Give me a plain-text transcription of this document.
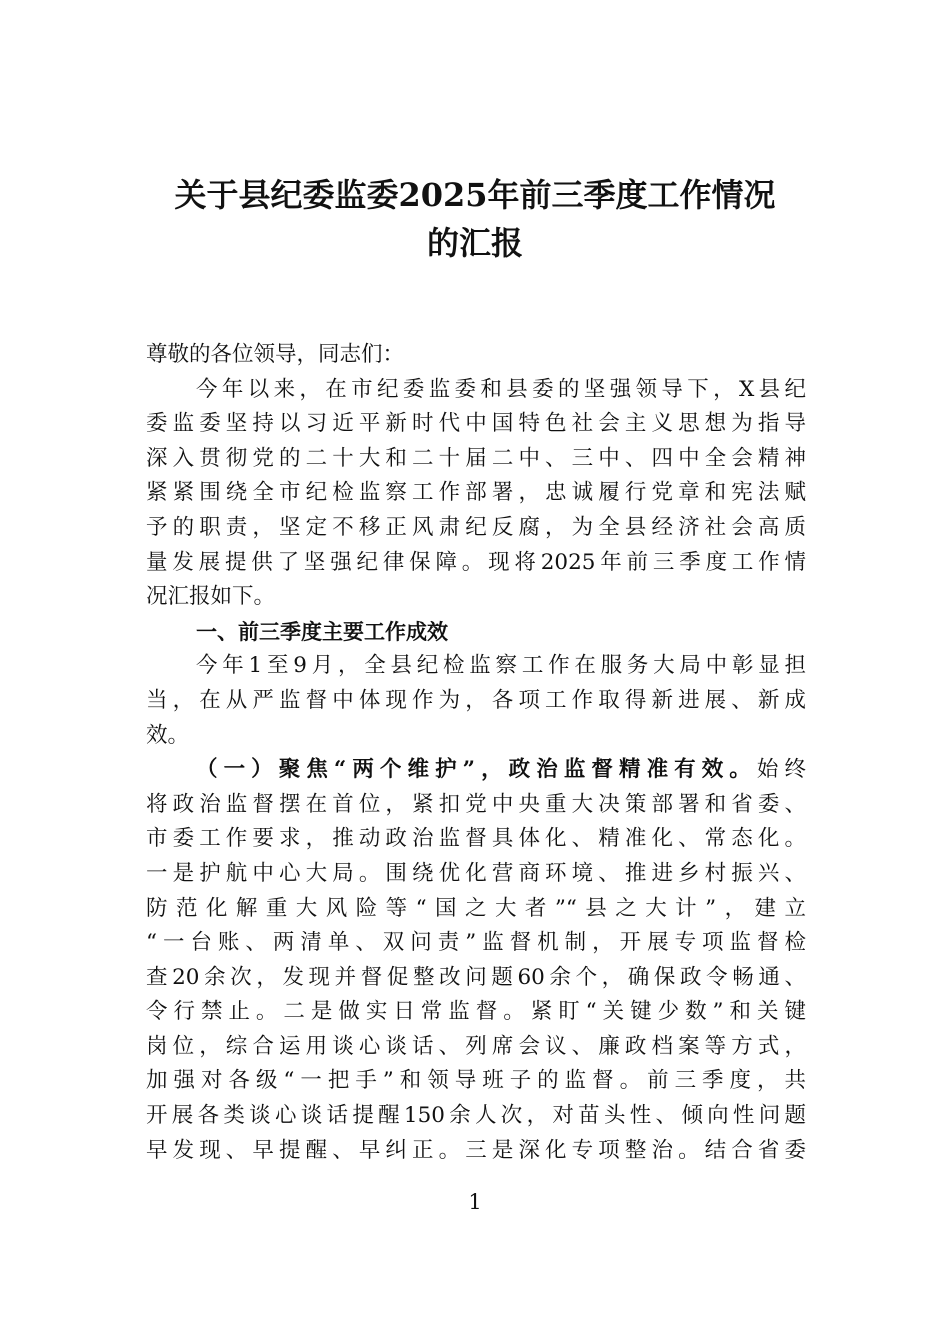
关于县纪委监委2025年前三季度工作情况
的汇报
尊敬的各位领导，同志们：
今年以来，在市纪委监委和县委的坚强领导下，X县纪
委监委坚持以习近平新时代中国特色社会主义思想为指导
深入贯彻党的二十大和二十届二中、三中、四中全会精神
紧紧围绕全市纪检监察工作部署，忠诚履行党章和宪法赋
予的职责，坚定不移正风肃纪反腐，为全县经济社会高质
量发展提供了坚强纪律保障。现将2025年前三季度工作情
况汇报如下。
一、前三季度主要工作成效
今年1至9月，全县纪检监察工作在服务大局中彰显担
当，在从严监督中体现作为，各项工作取得新进展、新成
效。
（一）聚焦“两个维护”，政治监督精准有效。始终
将政治监督摆在首位，紧扣党中央重大决策部署和省委、
市委工作要求，推动政治监督具体化、精准化、常态化。
一是护航中心大局。围绕优化营商环境、推进乡村振兴、
防范化解重大风险等“国之大者”“县之大计”，建立
“一台账、两清单、双问责”监督机制，开展专项监督检
查20余次，发现并督促整改问题60余个，确保政令畅通、
令行禁止。二是做实日常监督。紧盯“关键少数”和关键
岗位，综合运用谈心谈话、列席会议、廉政档案等方式，
加强对各级“一把手”和领导班子的监督。前三季度，共
开展各类谈心谈话提醒150余人次，对苗头性、倾向性问题
早发现、早提醒、早纠正。三是深化专项整治。结合省委
1
